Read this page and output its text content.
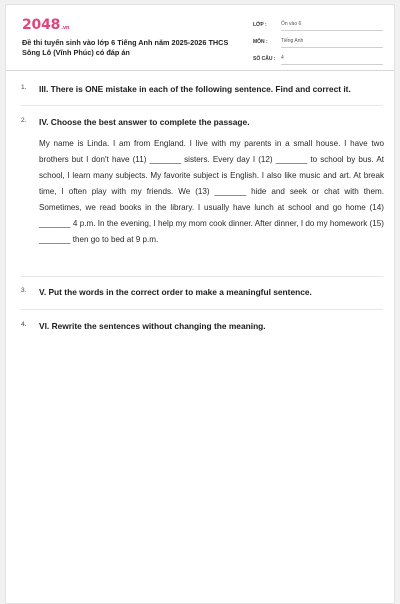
2048.vn
Đề thi tuyển sinh vào lớp 6 Tiếng Anh năm 2025-2026 THCS Sông Lô (Vĩnh Phúc) có đáp án
LỚP :	Ôn vào 6
MÔN :	Tiếng Anh
SỐ CÂU :	4
1. III. There is ONE mistake in each of the following sentence. Find and correct it.
2. IV. Choose the best answer to complete the passage.
My name is Linda. I am from England. I live with my parents in a small house. I have two brothers but I don't have (11) _______ sisters. Every day I (12) _______ to school by bus. At school, I learn many subjects. My favorite subject is English. I also like music and art. At break time, I often play with my friends. We (13) _______ hide and seek or chat with them. Sometimes, we read books in the library. I usually have lunch at school and go home (14) _______ 4 p.m. In the evening, I help my mom cook dinner. After dinner, I do my homework (15) _______ then go to bed at 9 p.m.
3. V. Put the words in the correct order to make a meaningful sentence.
4. VI. Rewrite the sentences without changing the meaning.
